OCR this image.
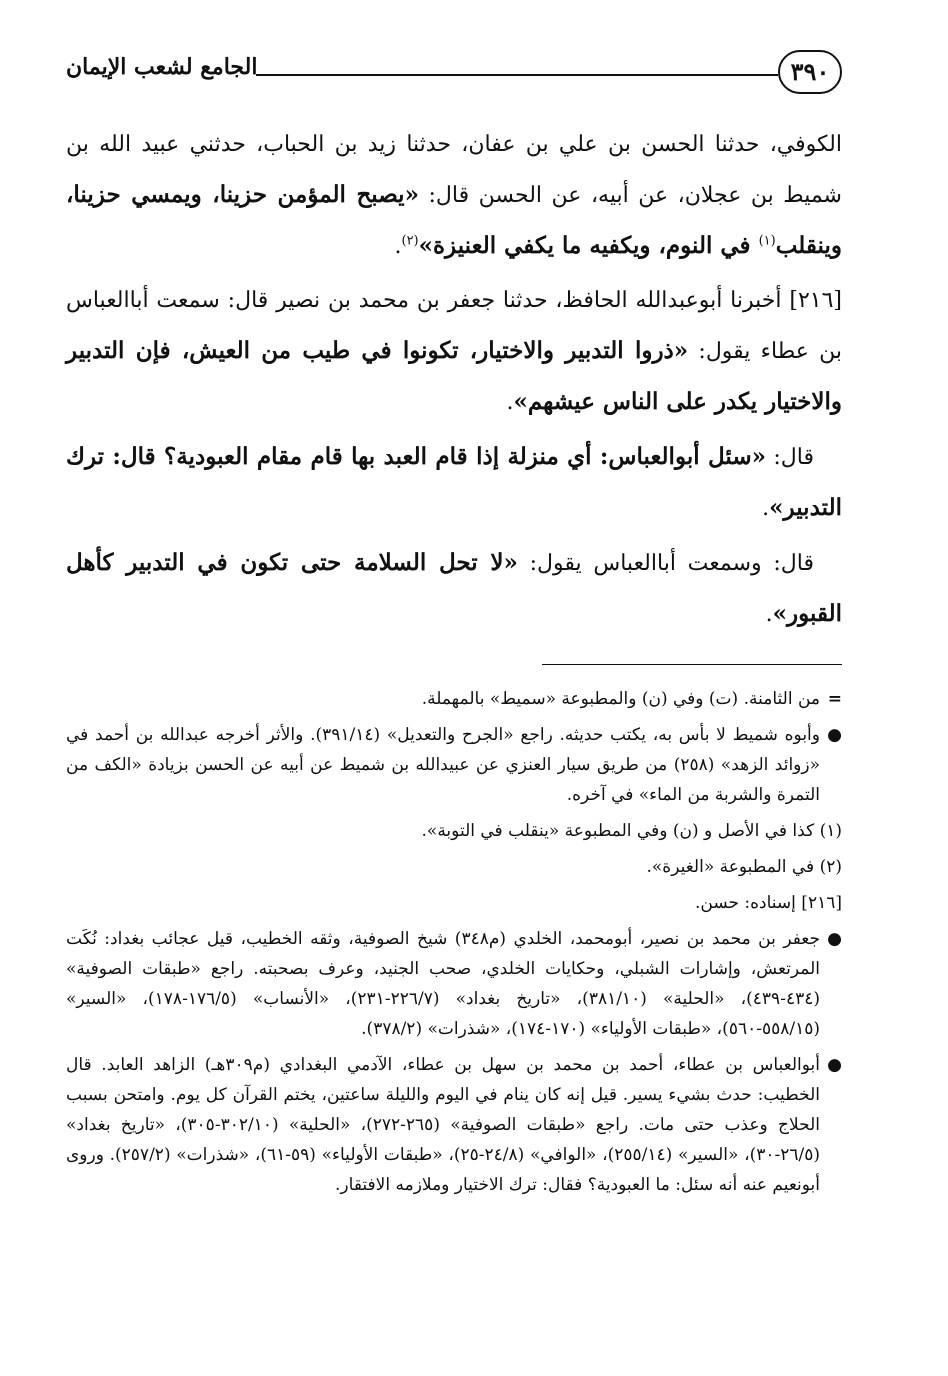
٣٩٠
الجامع لشعب الإيمان

الكوفي، حدثنا الحسن بن علي بن عفان، حدثنا زيد بن الحباب، حدثني عبيد الله بن شميط بن عجلان، عن أبيه، عن الحسن قال: «يصبح المؤمن حزينا، ويمسي حزينا، وينقلب$^{(١)}$ في النوم، ويكفيه ما يكفي العنيزة»$^{(٢)}$.

[٢١٦] أخبرنا أبوعبدالله الحافظ، حدثنا جعفر بن محمد بن نصير قال: سمعت أباالعباس بن عطاء يقول: «ذروا التدبير والاختيار، تكونوا في طيب من العيش، فإن التدبير والاختيار يكدر على الناس عيشهم».

قال: «سئل أبوالعباس: أي منزلة إذا قام العبد بها قام مقام العبودية؟ قال: ترك التدبير».

قال: وسمعت أباالعباس يقول: «لا تحل السلامة حتى تكون في التدبير كأهل القبور».

=من الثامنة. (ت) وفي (ن) والمطبوعة «سميط» بالمهملة.

●وأبوه شميط لا بأس به، يكتب حديثه. راجع «الجرح والتعديل» (٣٩١/١٤). والأثر أخرجه عبدالله بن أحمد في «زوائد الزهد» (٢٥٨) من طريق سيار العنزي عن عبيدالله بن شميط عن أبيه عن الحسن بزيادة «الكف من التمرة والشربة من الماء» في آخره.

(١) كذا في الأصل و (ن) وفي المطبوعة «ينقلب في التوبة».

(٢) في المطبوعة «الغيرة».

[٢١٦] إسناده: حسن.

●جعفر بن محمد بن نصير، أبومحمد، الخلدي (م٣٤٨) شيخ الصوفية، وثقه الخطيب، قيل عجائب بغداد: نُكَت المرتعش، وإشارات الشبلي، وحكايات الخلدي، صحب الجنيد، وعرف بصحبته. راجع «طبقات الصوفية» (٤٣٤-٤٣٩)، «الحلية» (٣٨١/١٠)، «تاريخ بغداد» (٢٢٦/٧-٢٣١)، «الأنساب» (١٧٦/٥-١٧٨)، «السير» (٥٥٨/١٥-٥٦٠)، «طبقات الأولياء» (١٧٠-١٧٤)، «شذرات» (٣٧٨/٢).

●أبوالعباس بن عطاء، أحمد بن محمد بن سهل بن عطاء، الآدمي البغدادي (م٣٠٩هـ) الزاهد العابد. قال الخطيب: حدث بشيء يسير. قيل إنه كان ينام في اليوم والليلة ساعتين، يختم القرآن كل يوم. وامتحن بسبب الحلاج وعذب حتى مات. راجع «طبقات الصوفية» (٢٦٥-٢٧٢)، «الحلية» (٣٠٢/١٠-٣٠٥)، «تاريخ بغداد» (٢٦/٥-٣٠)، «السير» (٢٥٥/١٤)، «الوافي» (٢٤/٨-٢٥)، «طبقات الأولياء» (٥٩-٦١)، «شذرات» (٢٥٧/٢). وروى أبونعيم عنه أنه سئل: ما العبودية؟ فقال: ترك الاختيار وملازمه الافتقار.
